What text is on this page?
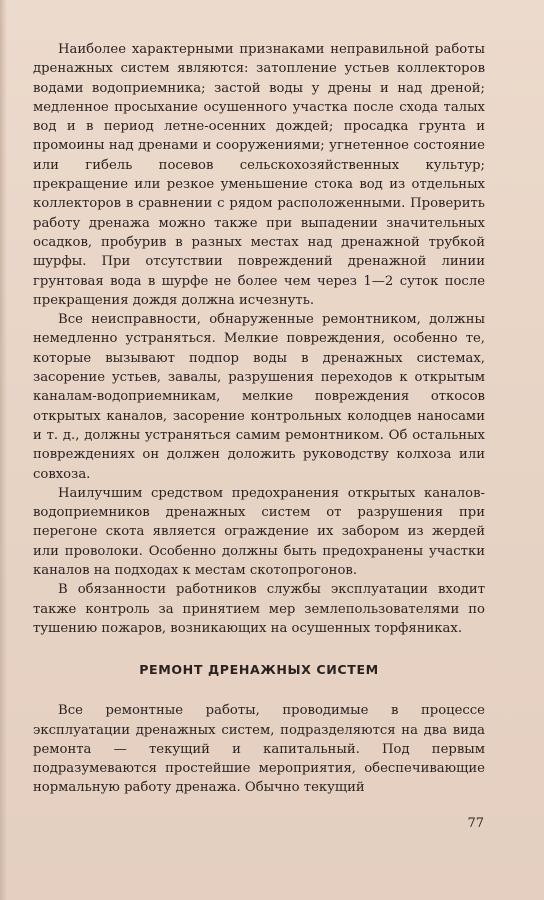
Наиболее характерными признаками неправильной работы дренажных систем являются: затопление устьев коллекторов водами водоприемника; застой воды у дрены и над дреной; медленное просыхание осушенного участка после схода талых вод и в период летне-осенних дождей; просадка грунта и промоины над дренами и сооружениями; угнетенное состояние или гибель посевов сельскохозяйственных культур; прекращение или резкое уменьшение стока вод из отдельных коллекторов в сравнении с рядом расположенными. Проверить работу дренажа можно также при выпадении значительных осадков, пробурив в разных местах над дренажной трубкой шурфы. При отсутствии повреждений дренажной линии грунтовая вода в шурфе не более чем через 1—2 суток после прекращения дождя должна исчезнуть.

Все неисправности, обнаруженные ремонтником, должны немедленно устраняться. Мелкие повреждения, особенно те, которые вызывают подпор воды в дренажных системах, засорение устьев, завалы, разрушения переходов к открытым каналам-водоприемникам, мелкие повреждения откосов открытых каналов, засорение контрольных колодцев наносами и т. д., должны устраняться самим ремонтником. Об остальных повреждениях он должен доложить руководству колхоза или совхоза.

Наилучшим средством предохранения открытых каналов-водоприемников дренажных систем от разрушения при перегоне скота является ограждение их забором из жердей или проволоки. Особенно должны быть предохранены участки каналов на подходах к местам скотопрогонов.

В обязанности работников службы эксплуатации входит также контроль за принятием мер землепользователями по тушению пожаров, возникающих на осушенных торфяниках.

РЕМОНТ ДРЕНАЖНЫХ СИСТЕМ

Все ремонтные работы, проводимые в процессе эксплуатации дренажных систем, подразделяются на два вида ремонта — текущий и капитальный. Под первым подразумеваются простейшие мероприятия, обеспечивающие нормальную работу дренажа. Обычно текущий

77
